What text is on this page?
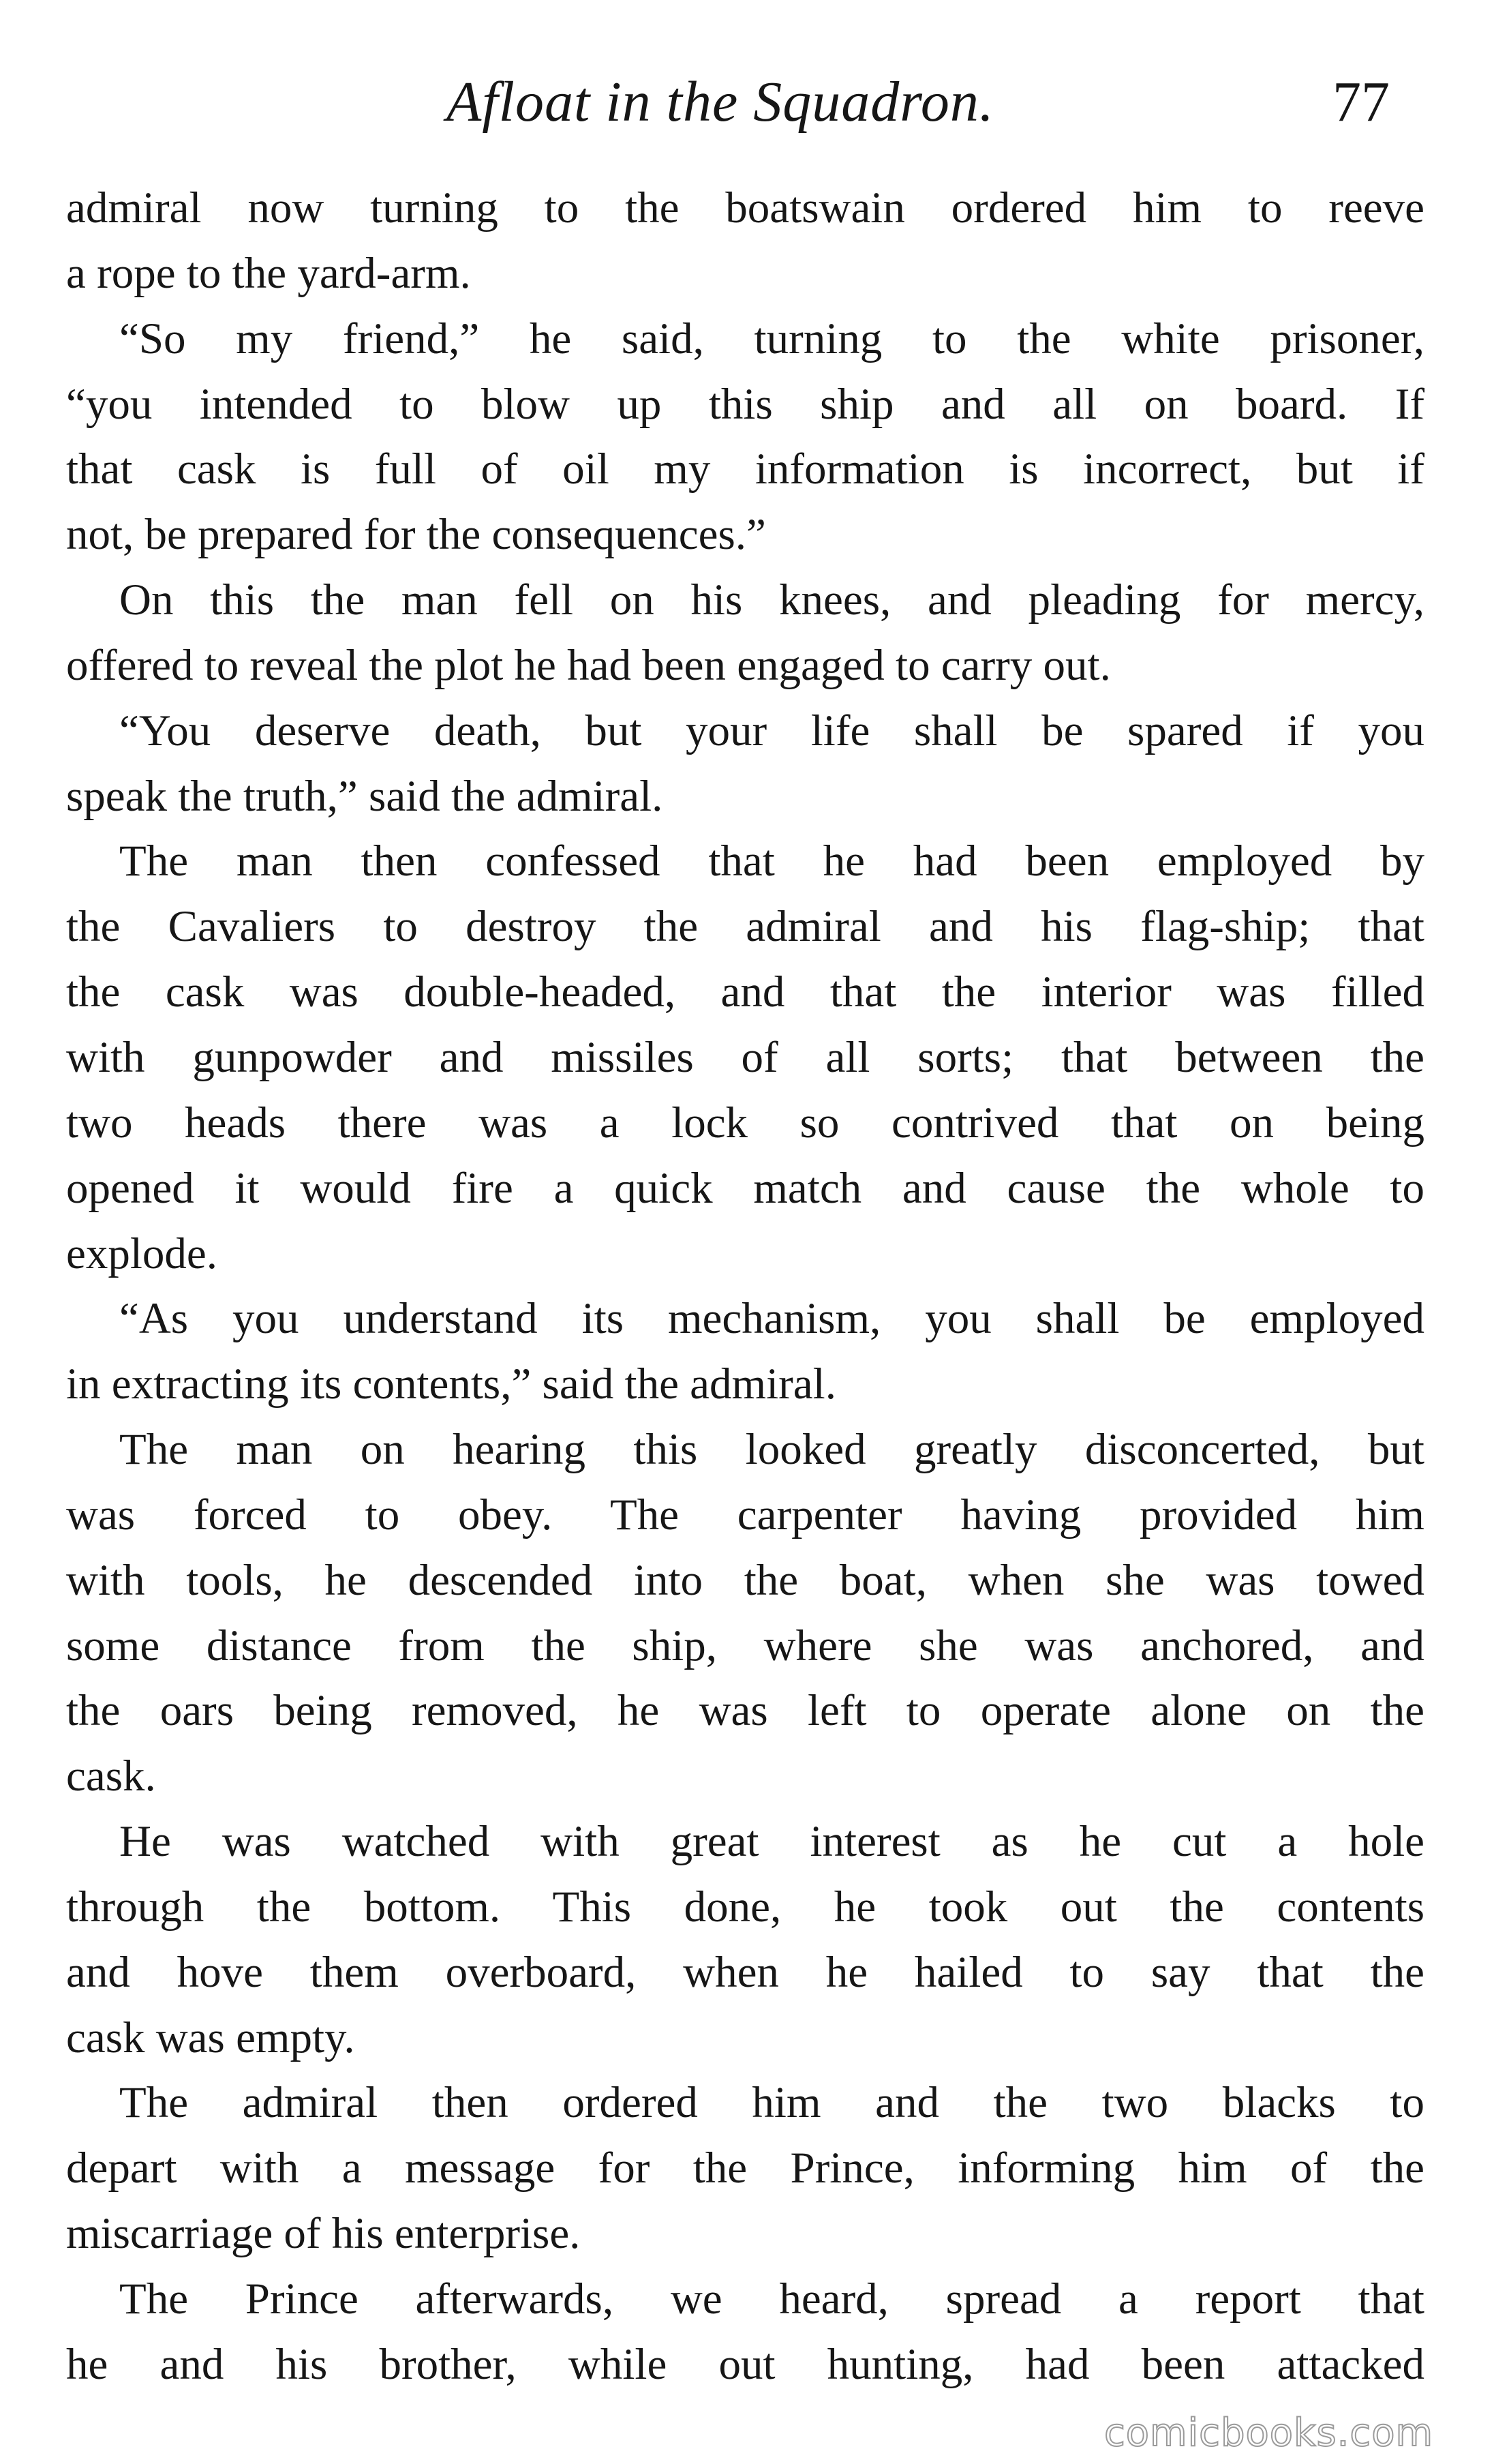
Afloat in the Squadron.	77
admiral now turning to the boatswain ordered him to reeve
a rope to the yard-arm.
“So my friend,” he said, turning to the white prisoner,
“you intended to blow up this ship and all on board. If
that cask is full of oil my information is incorrect, but if
not, be prepared for the consequences.”
On this the man fell on his knees, and pleading for mercy,
offered to reveal the plot he had been engaged to carry out.
“You deserve death, but your life shall be spared if you
speak the truth,” said the admiral.
The man then confessed that he had been employed by
the Cavaliers to destroy the admiral and his flag-ship; that
the cask was double-headed, and that the interior was filled
with gunpowder and missiles of all sorts; that between the
two heads there was a lock so contrived that on being
opened it would fire a quick match and cause the whole to
explode.
“As you understand its mechanism, you shall be employed
in extracting its contents,” said the admiral.
The man on hearing this looked greatly disconcerted, but
was forced to obey. The carpenter having provided him
with tools, he descended into the boat, when she was towed
some distance from the ship, where she was anchored, and
the oars being removed, he was left to operate alone on the
cask.
He was watched with great interest as he cut a hole
through the bottom. This done, he took out the contents
and hove them overboard, when he hailed to say that the
cask was empty.
The admiral then ordered him and the two blacks to
depart with a message for the Prince, informing him of the
miscarriage of his enterprise.
The Prince afterwards, we heard, spread a report that
he and his brother, while out hunting, had been attacked
comicbooks.com
